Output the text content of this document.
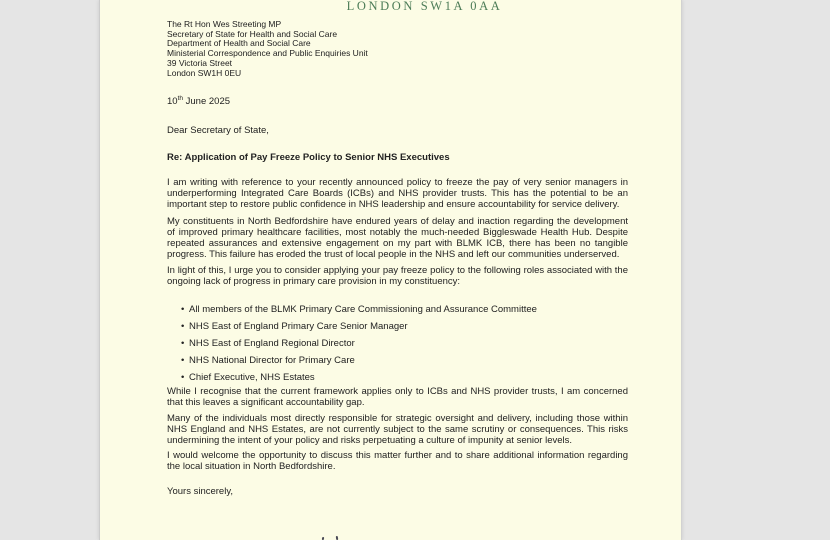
LONDON SW1A 0AA
The Rt Hon Wes Streeting MP
Secretary of State for Health and Social Care
Department of Health and Social Care
Ministerial Correspondence and Public Enquiries Unit
39 Victoria Street
London SW1H 0EU
10th June 2025

Dear Secretary of State,

Re: Application of Pay Freeze Policy to Senior NHS Executives

I am writing with reference to your recently announced policy to freeze the pay of very senior managers in underperforming Integrated Care Boards (ICBs) and NHS provider trusts. This has the potential to be an important step to restore public confidence in NHS leadership and ensure accountability for service delivery.

My constituents in North Bedfordshire have endured years of delay and inaction regarding the development of improved primary healthcare facilities, most notably the much-needed Biggleswade Health Hub. Despite repeated assurances and extensive engagement on my part with BLMK ICB, there has been no tangible progress. This failure has eroded the trust of local people in the NHS and left our communities underserved.

In light of this, I urge you to consider applying your pay freeze policy to the following roles associated with the ongoing lack of progress in primary care provision in my constituency:

• All members of the BLMK Primary Care Commissioning and Assurance Committee
• NHS East of England Primary Care Senior Manager
• NHS East of England Regional Director
• NHS National Director for Primary Care
• Chief Executive, NHS Estates

While I recognise that the current framework applies only to ICBs and NHS provider trusts, I am concerned that this leaves a significant accountability gap.

Many of the individuals most directly responsible for strategic oversight and delivery, including those within NHS England and NHS Estates, are not currently subject to the same scrutiny or consequences. This risks undermining the intent of your policy and risks perpetuating a culture of impunity at senior levels.

I would welcome the opportunity to discuss this matter further and to share additional information regarding the local situation in North Bedfordshire.

Yours sincerely,
